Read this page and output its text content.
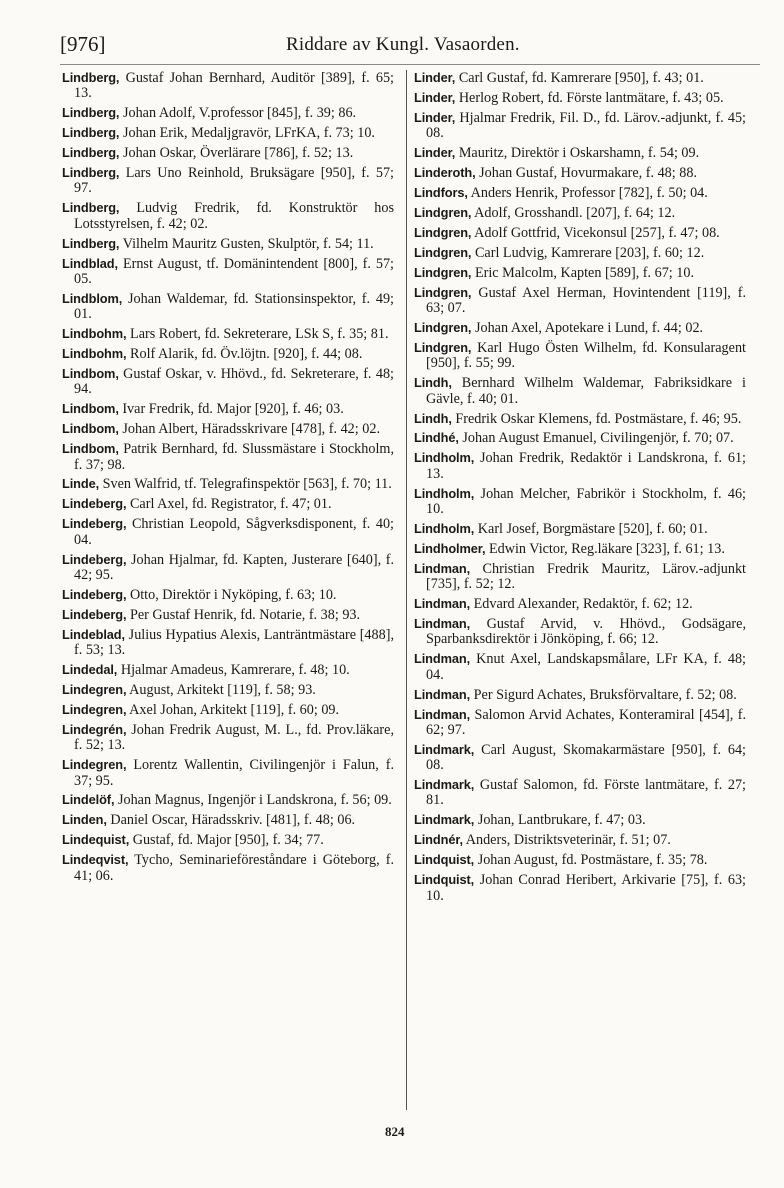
[976]	Riddare av Kungl. Vasaorden.
Lindberg, Gustaf Johan Bernhard, Auditör [389], f. 65; 13.
Lindberg, Johan Adolf, V.professor [845], f. 39; 86.
Lindberg, Johan Erik, Medaljgravör, LFrKA, f. 73; 10.
Lindberg, Johan Oskar, Överlärare [786], f. 52; 13.
Lindberg, Lars Uno Reinhold, Bruksägare [950], f. 57; 97.
Lindberg, Ludvig Fredrik, fd. Konstruktör hos Lotsstyrelsen, f. 42; 02.
Lindberg, Vilhelm Mauritz Gusten, Skulptör, f. 54; 11.
Lindblad, Ernst August, tf. Domänintendent [800], f. 57; 05.
Lindblom, Johan Waldemar, fd. Stationsinspektor, f. 49; 01.
Lindbohm, Lars Robert, fd. Sekreterare, LSk S, f. 35; 81.
Lindbohm, Rolf Alarik, fd. Öv.löjtn. [920], f. 44; 08.
Lindbom, Gustaf Oskar, v. Hhövd., fd. Sekreterare, f. 48; 94.
Lindbom, Ivar Fredrik, fd. Major [920], f. 46; 03.
Lindbom, Johan Albert, Häradsskrivare [478], f. 42; 02.
Lindbom, Patrik Bernhard, fd. Slussmästare i Stockholm, f. 37; 98.
Linde, Sven Walfrid, tf. Telegrafinspektör [563], f. 70; 11.
Lindeberg, Carl Axel, fd. Registrator, f. 47; 01.
Lindeberg, Christian Leopold, Sågverksdisponent, f. 40; 04.
Lindeberg, Johan Hjalmar, fd. Kapten, Justerare [640], f. 42; 95.
Lindeberg, Otto, Direktör i Nyköping, f. 63; 10.
Lindeberg, Per Gustaf Henrik, fd. Notarie, f. 38; 93.
Lindeblad, Julius Hypatius Alexis, Lanträntmästare [488], f. 53; 13.
Lindedal, Hjalmar Amadeus, Kamrerare, f. 48; 10.
Lindegren, August, Arkitekt [119], f. 58; 93.
Lindegren, Axel Johan, Arkitekt [119], f. 60; 09.
Lindegrén, Johan Fredrik August, M. L., fd. Prov.läkare, f. 52; 13.
Lindegren, Lorentz Wallentin, Civilingenjör i Falun, f. 37; 95.
Lindelöf, Johan Magnus, Ingenjör i Landskrona, f. 56; 09.
Linden, Daniel Oscar, Häradsskriv. [481], f. 48; 06.
Lindequist, Gustaf, fd. Major [950], f. 34; 77.
Lindeqvist, Tycho, Seminarieföreståndare i Göteborg, f. 41; 06.
Linder, Carl Gustaf, fd. Kamrerare [950], f. 43; 01.
Linder, Herlog Robert, fd. Förste lantmätare, f. 43; 05.
Linder, Hjalmar Fredrik, Fil. D., fd. Lärov.-adjunkt, f. 45; 08.
Linder, Mauritz, Direktör i Oskarshamn, f. 54; 09.
Linderoth, Johan Gustaf, Hovurmakare, f. 48; 88.
Lindfors, Anders Henrik, Professor [782], f. 50; 04.
Lindgren, Adolf, Grosshandl. [207], f. 64; 12.
Lindgren, Adolf Gottfrid, Vicekonsul [257], f. 47; 08.
Lindgren, Carl Ludvig, Kamrerare [203], f. 60; 12.
Lindgren, Eric Malcolm, Kapten [589], f. 67; 10.
Lindgren, Gustaf Axel Herman, Hovintendent [119], f. 63; 07.
Lindgren, Johan Axel, Apotekare i Lund, f. 44; 02.
Lindgren, Karl Hugo Östen Wilhelm, fd. Konsularagent [950], f. 55; 99.
Lindh, Bernhard Wilhelm Waldemar, Fabriksidkare i Gävle, f. 40; 01.
Lindh, Fredrik Oskar Klemens, fd. Postmästare, f. 46; 95.
Lindhé, Johan August Emanuel, Civilingenjör, f. 70; 07.
Lindholm, Johan Fredrik, Redaktör i Landskrona, f. 61; 13.
Lindholm, Johan Melcher, Fabrikör i Stockholm, f. 46; 10.
Lindholm, Karl Josef, Borgmästare [520], f. 60; 01.
Lindholmer, Edwin Victor, Reg.läkare [323], f. 61; 13.
Lindman, Christian Fredrik Mauritz, Lärov.-adjunkt [735], f. 52; 12.
Lindman, Edvard Alexander, Redaktör, f. 62; 12.
Lindman, Gustaf Arvid, v. Hhövd., Godsägare, Sparbanksdirektör i Jönköping, f. 66; 12.
Lindman, Knut Axel, Landskapsmålare, LFr KA, f. 48; 04.
Lindman, Per Sigurd Achates, Bruksförvaltare, f. 52; 08.
Lindman, Salomon Arvid Achates, Konteramiral [454], f. 62; 97.
Lindmark, Carl August, Skomakarmästare [950], f. 64; 08.
Lindmark, Gustaf Salomon, fd. Förste lantmätare, f. 27; 81.
Lindmark, Johan, Lantbrukare, f. 47; 03.
Lindnér, Anders, Distriktsveterinär, f. 51; 07.
Lindquist, Johan August, fd. Postmästare, f. 35; 78.
Lindquist, Johan Conrad Heribert, Arkivarie [75], f. 63; 10.
824
